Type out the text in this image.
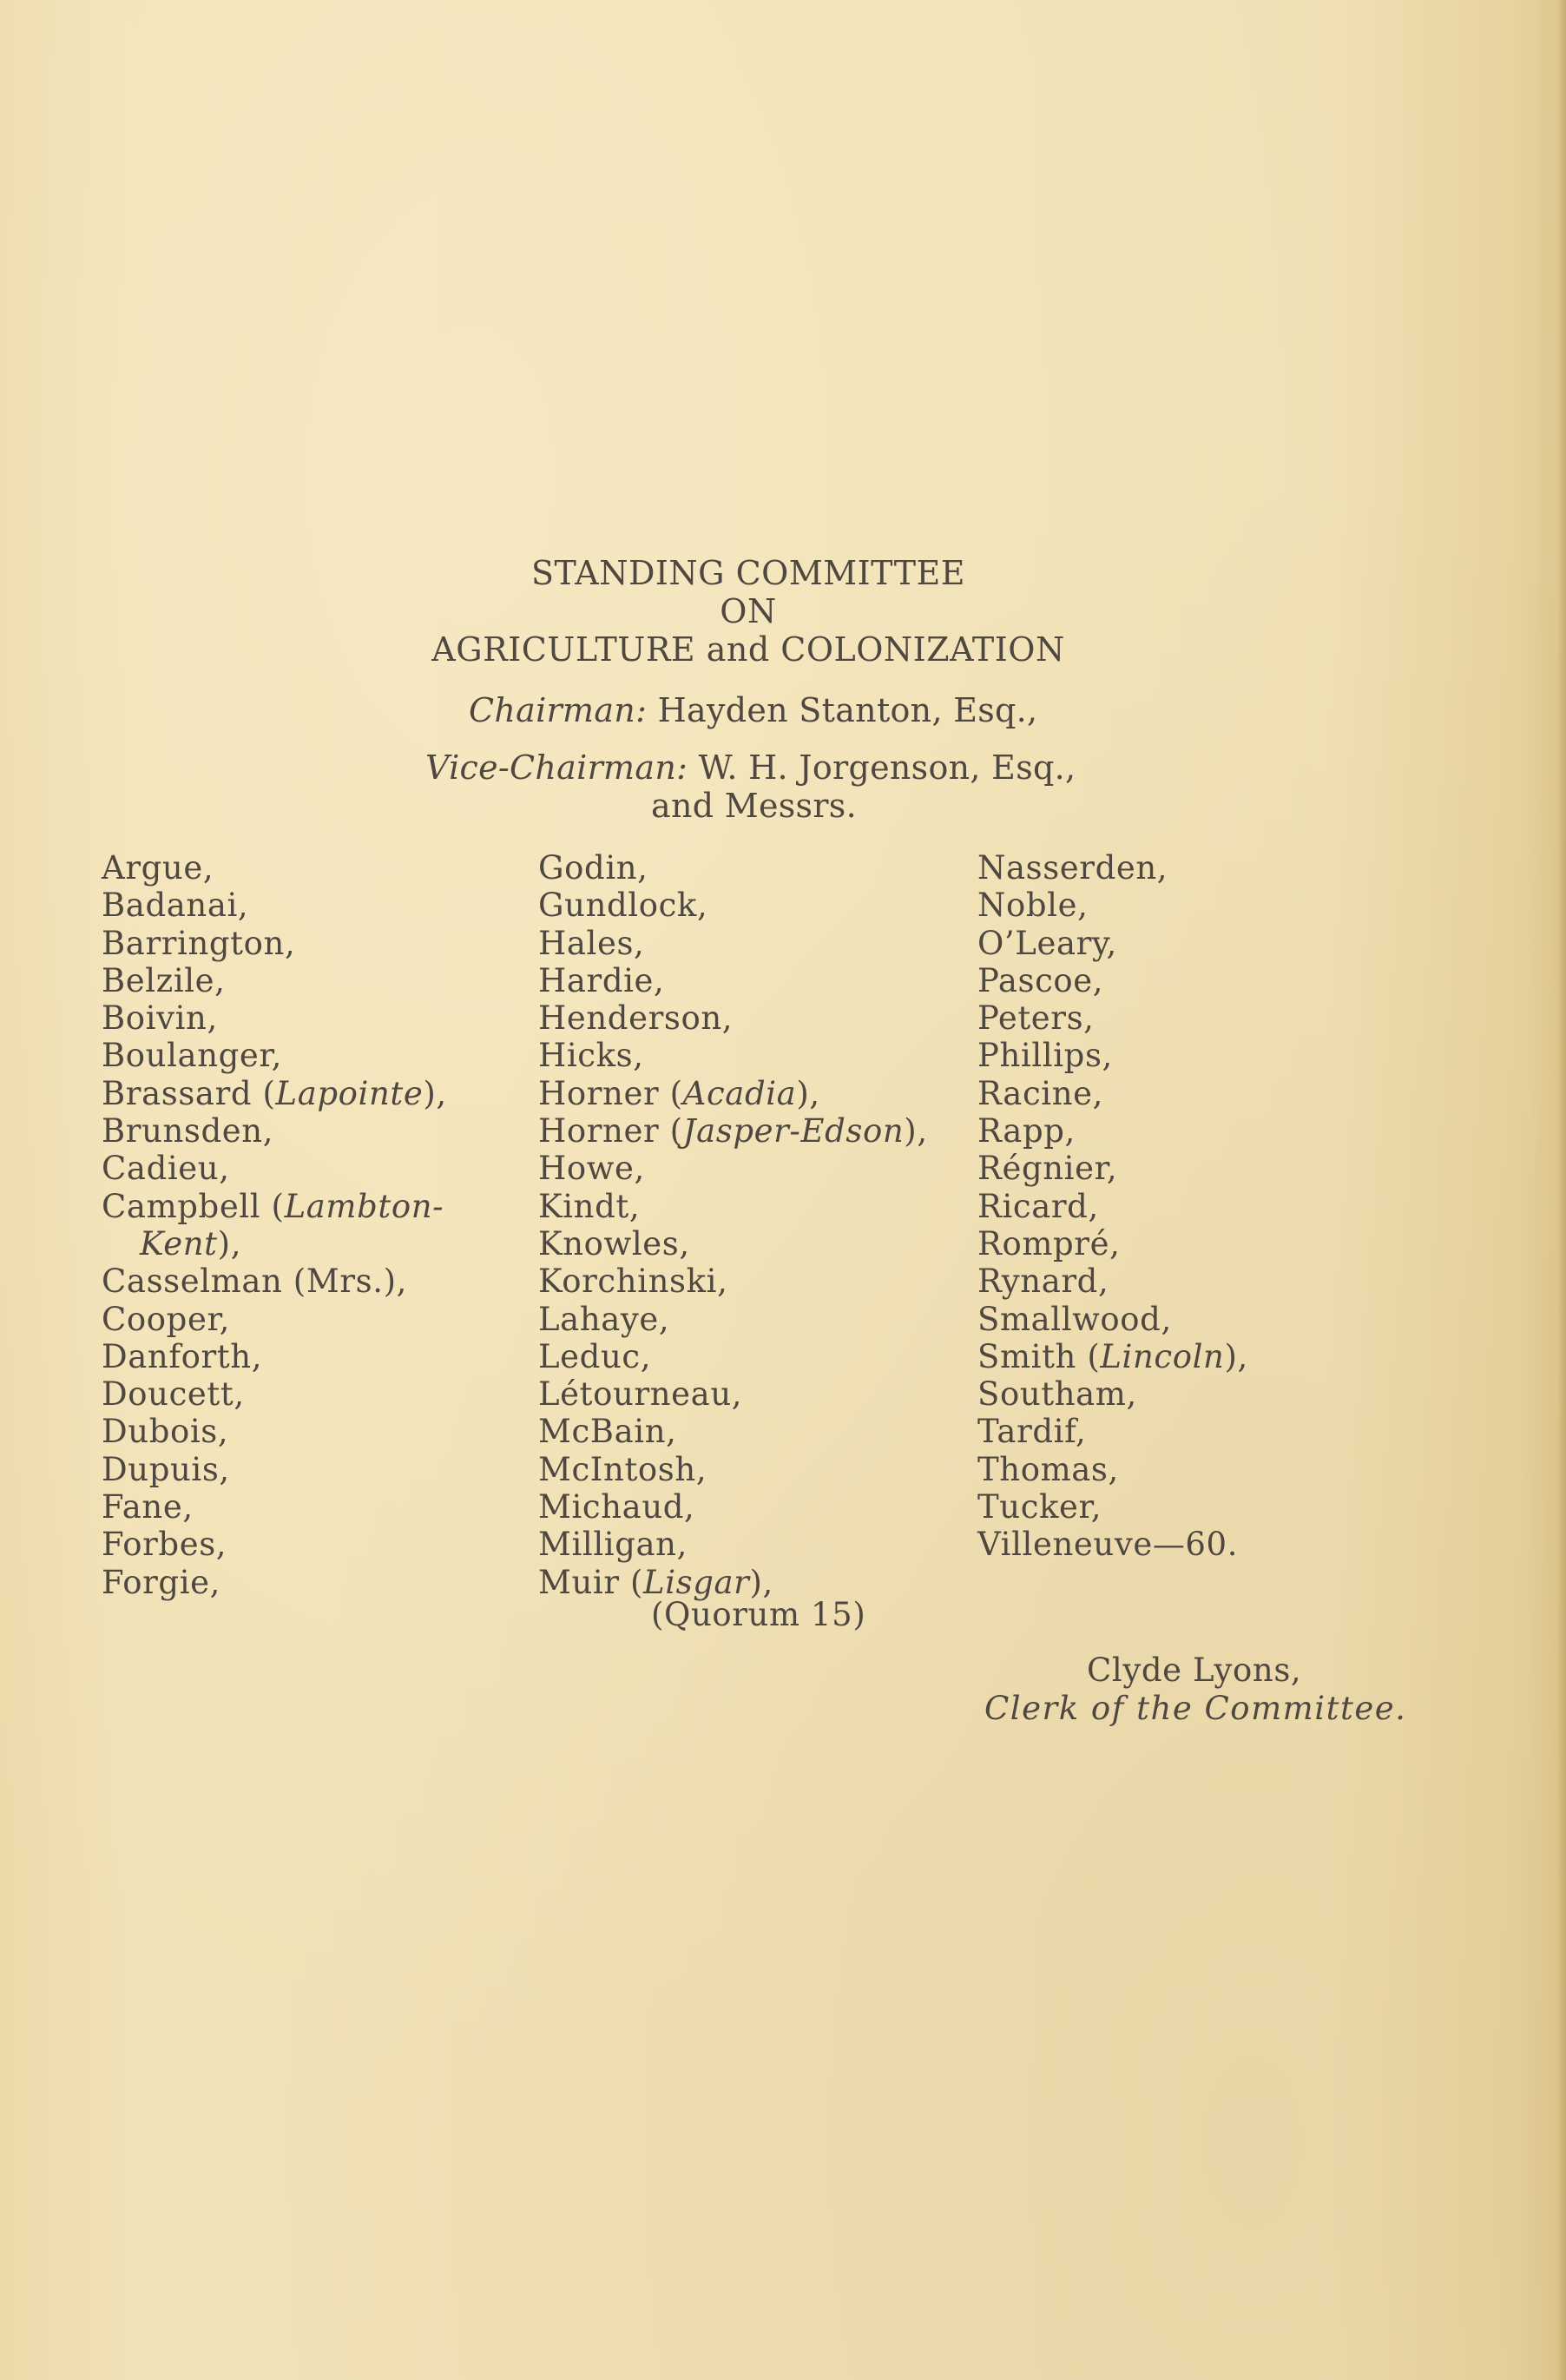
STANDING COMMITTEE
ON
AGRICULTURE and COLONIZATION
Chairman: Hayden Stanton, Esq.,
Vice-Chairman: W. H. Jorgenson, Esq.,
and Messrs.
Argue,
Badanai,
Barrington,
Belzile,
Boivin,
Boulanger,
Brassard (Lapointe),
Brunsden,
Cadieu,
Campbell (Lambton-
Kent),
Casselman (Mrs.),
Cooper,
Danforth,
Doucett,
Dubois,
Dupuis,
Fane,
Forbes,
Forgie,
Godin,
Gundlock,
Hales,
Hardie,
Henderson,
Hicks,
Horner (Acadia),
Horner (Jasper-Edson),
Howe,
Kindt,
Knowles,
Korchinski,
Lahaye,
Leduc,
Létourneau,
McBain,
McIntosh,
Michaud,
Milligan,
Muir (Lisgar),
Nasserden,
Noble,
O’Leary,
Pascoe,
Peters,
Phillips,
Racine,
Rapp,
Régnier,
Ricard,
Rompré,
Rynard,
Smallwood,
Smith (Lincoln),
Southam,
Tardif,
Thomas,
Tucker,
Villeneuve—60.
(Quorum 15)
Clyde Lyons,
Clerk of the Committee.
